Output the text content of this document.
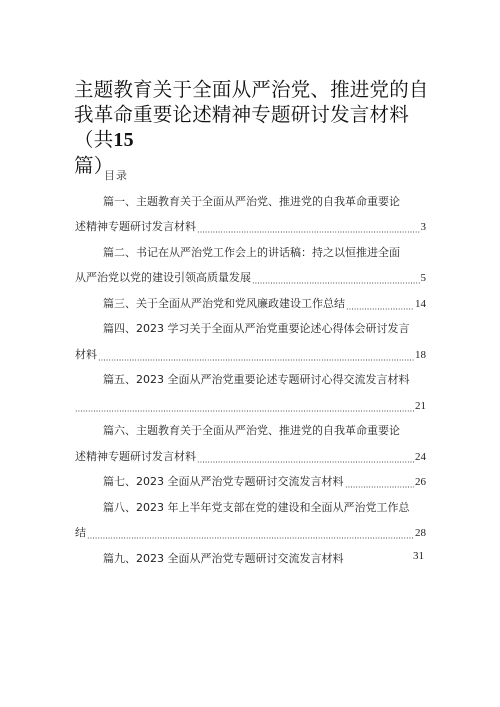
主题教育关于全面从严治党、推进党的自我革命重要论述精神专题研讨发言材料（共15
篇）
目录
篇一、主题教育关于全面从严治党、推进党的自我革命重要论
述精神专题研讨发言材料	3
篇二、书记在从严治党工作会上的讲话稿：持之以恒推进全面
从严治党以党的建设引领高质量发展	5
篇三、关于全面从严治党和党风廉政建设工作总结	14
篇四、2023 学习关于全面从严治党重要论述心得体会研讨发言
材料	18
篇五、2023 全面从严治党重要论述专题研讨心得交流发言材料
21
篇六、主题教育关于全面从严治党、推进党的自我革命重要论
述精神专题研讨发言材料	24
篇七、2023 全面从严治党专题研讨交流发言材料	26
篇八、2023 年上半年党支部在党的建设和全面从严治党工作总
结	28
篇九、2023 全面从严治党专题研讨交流发言材料	31
